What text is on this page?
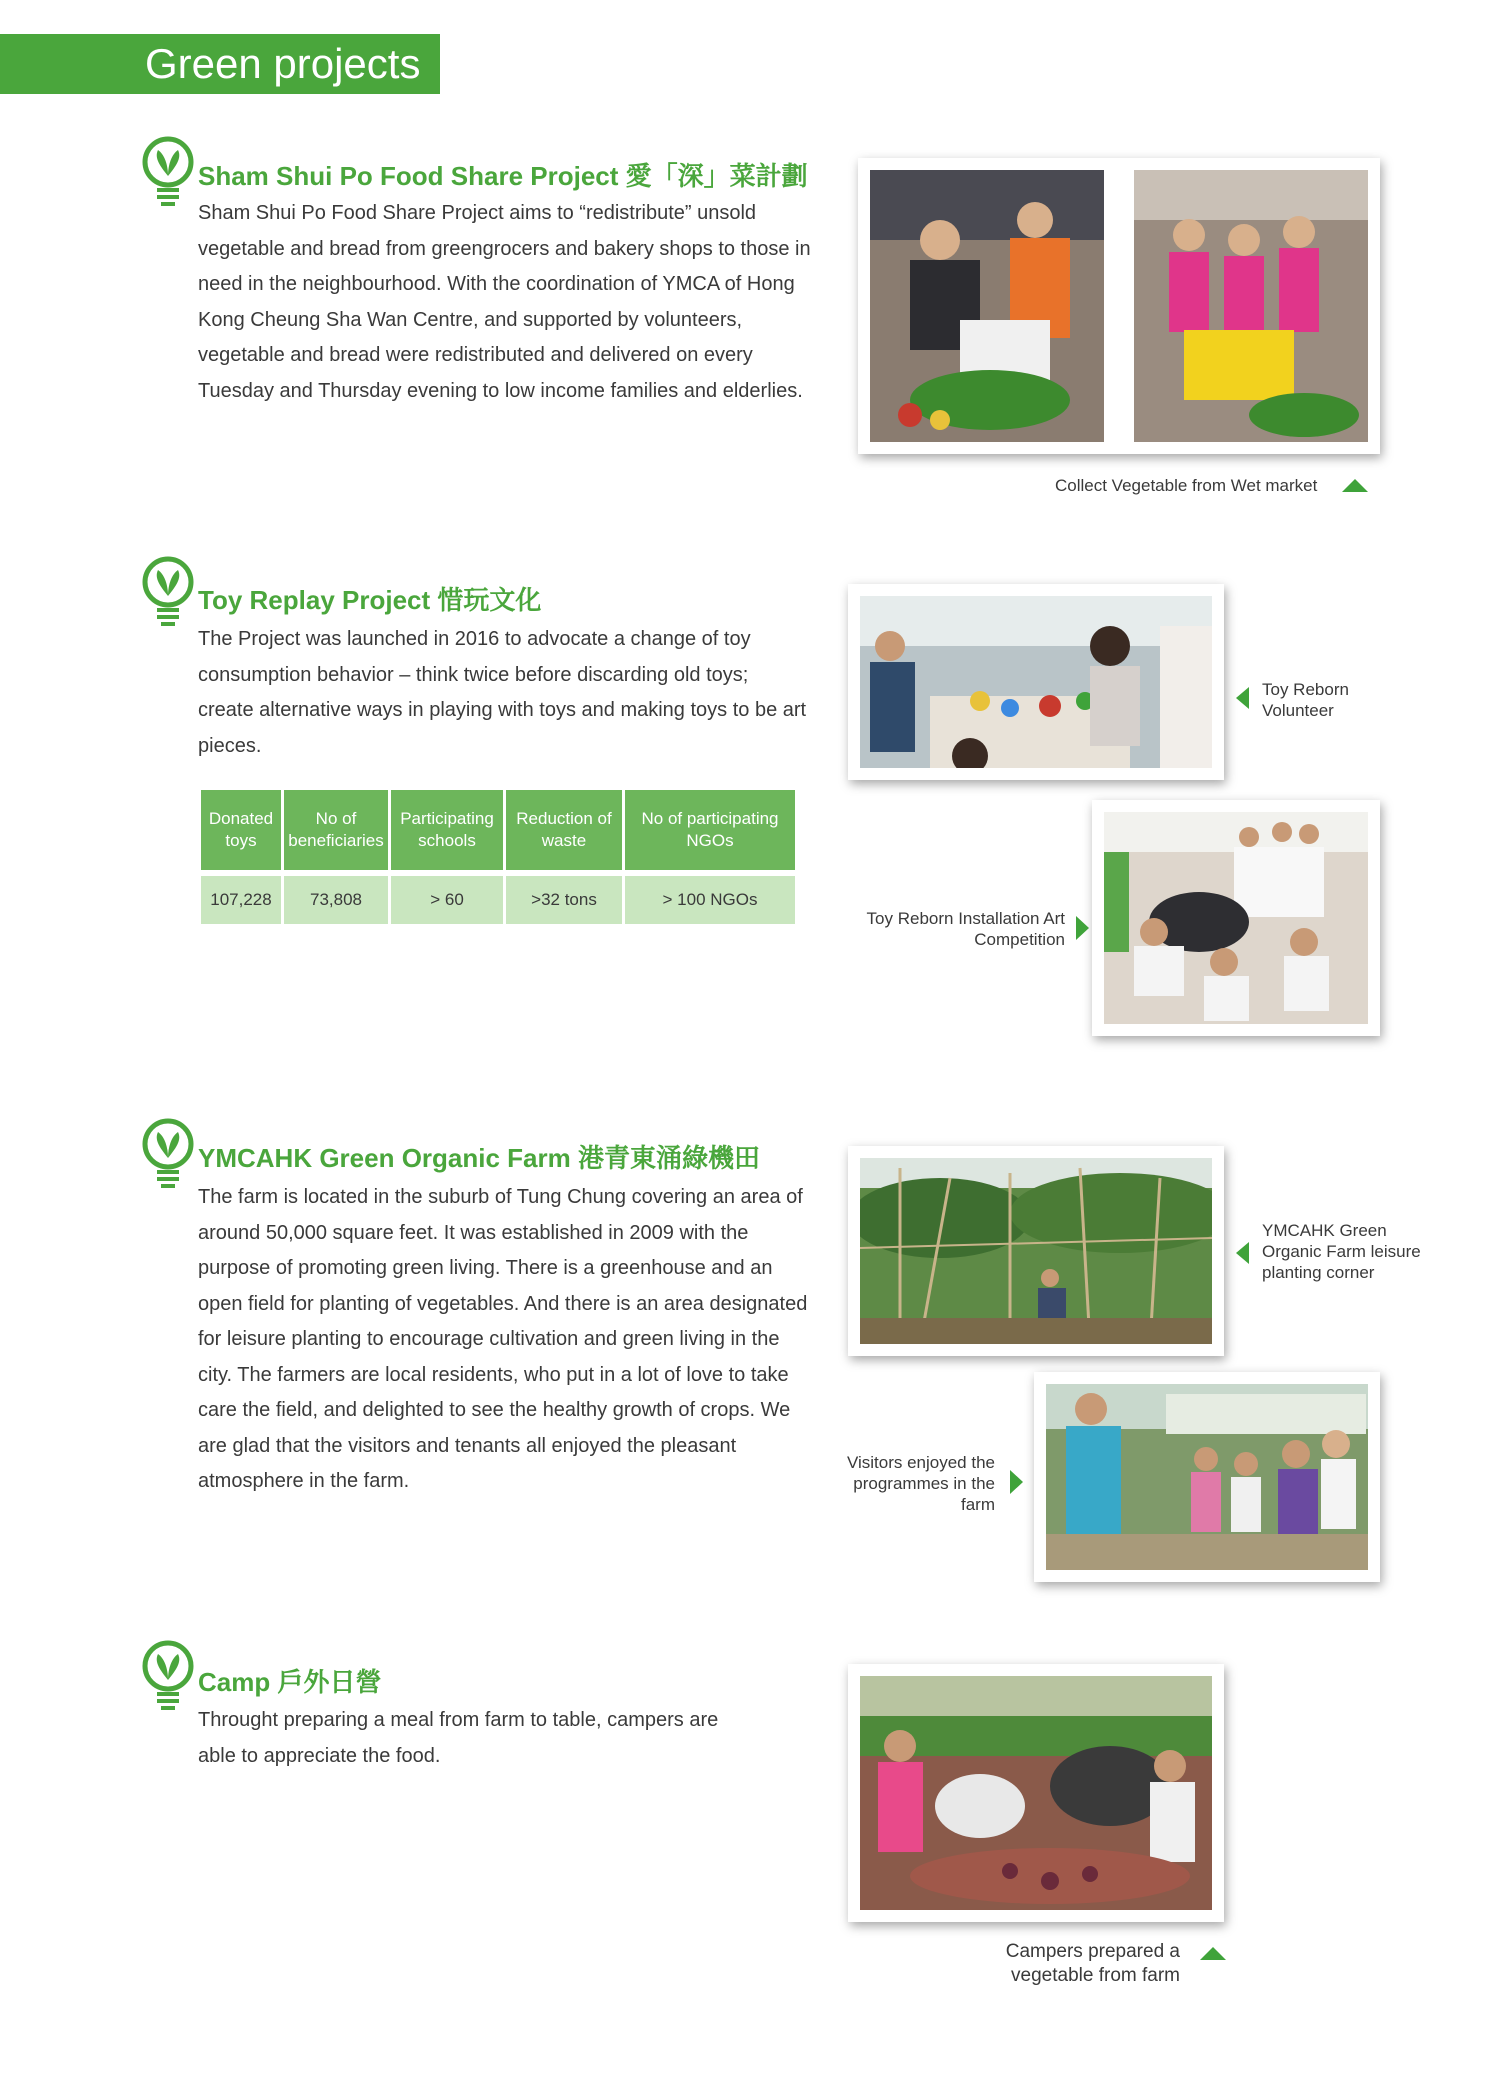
Green projects
Sham Shui Po Food Share Project 愛「深」菜計劃

Sham Shui Po Food Share Project aims to “redistribute” unsold vegetable and bread from greengrocers and bakery shops to those in need in the neighbourhood. With the coordination of YMCA of Hong Kong Cheung Sha Wan Centre, and supported by volunteers, vegetable and bread were redistributed and delivered on every Tuesday and Thursday evening to low income families and elderlies.

Collect Vegetable from Wet market
Toy Replay Project 惜玩文化

The Project was launched in 2016 to advocate a change of toy consumption behavior – think twice before discarding old toys; create alternative ways in playing with toys and making toys to be art pieces.

Donated toys	No of beneficiaries	Participating schools	Reduction of waste	No of participating NGOs

107,228	73,808	> 60	>32 tons	> 100 NGOs
Toy Reborn Volunteer
Toy Reborn Installation Art Competition
YMCAHK Green Organic Farm 港青東涌綠機田

The farm is located in the suburb of Tung Chung covering an area of around 50,000 square feet. It was established in 2009 with the purpose of promoting green living. There is a greenhouse and an open field for planting of vegetables. And there is an area designated for leisure planting to encourage cultivation and green living in the city. The farmers are local residents, who put in a lot of love to take care the field, and delighted to see the healthy growth of crops. We are glad that the visitors and tenants all enjoyed the pleasant atmosphere in the farm.

YMCAHK Green Organic Farm leisure planting corner
Visitors enjoyed the programmes in the farm
Camp 戶外日營

Throught preparing a meal from farm to table, campers are able to appreciate the food.

Campers prepared a vegetable from farm
